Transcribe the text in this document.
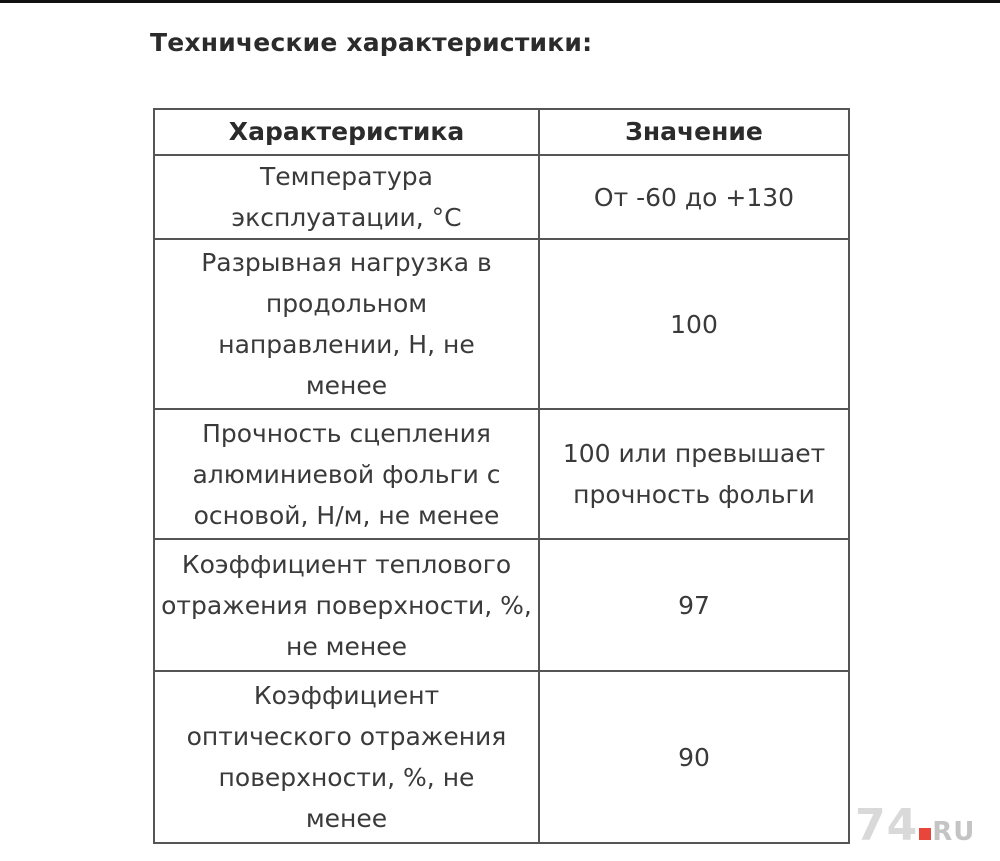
Технические характеристики:
Характеристика	Значение
Температура эксплуатации, °С	От -60 до +130
Разрывная нагрузка в продольном направлении, Н, не менее	100
Прочность сцепления алюминиевой фольги с основой, Н/м, не менее	100 или превышает прочность фольги
Коэффициент теплового отражения поверхности, %, не менее	97
Коэффициент оптического отражения поверхности, %, не менее	90
74 RU
